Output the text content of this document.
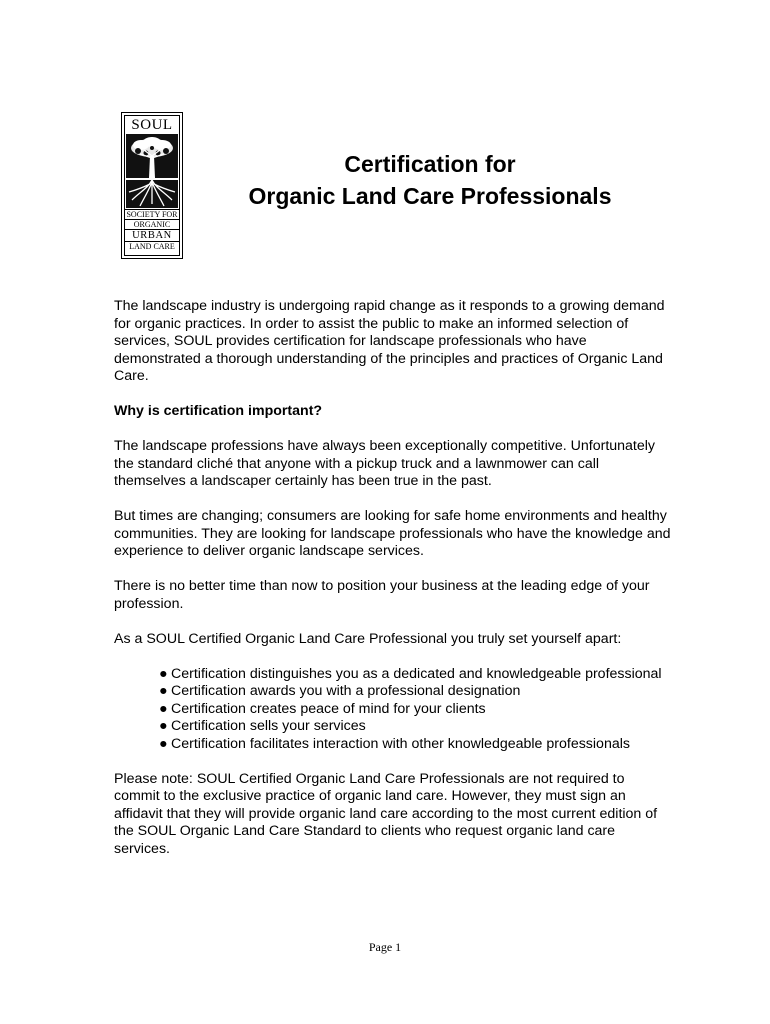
SOUL
SOCIETY FOR
ORGANIC
URBAN
LAND CARE
Certification for
Organic Land Care Professionals

The landscape industry is undergoing rapid change as it responds to a growing demand for organic practices. In order to assist the public to make an informed selection of services, SOUL provides certification for landscape professionals who have demonstrated a thorough understanding of the principles and practices of Organic Land Care.

Why is certification important?

The landscape professions have always been exceptionally competitive. Unfortunately the standard cliché that anyone with a pickup truck and a lawnmower can call themselves a landscaper certainly has been true in the past.

But times are changing; consumers are looking for safe home environments and healthy communities. They are looking for landscape professionals who have the knowledge and experience to deliver organic landscape services.

There is no better time than now to position your business at the leading edge of your profession.

As a SOUL Certified Organic Land Care Professional you truly set yourself apart:

● Certification distinguishes you as a dedicated and knowledgeable professional
● Certification awards you with a professional designation
● Certification creates peace of mind for your clients
● Certification sells your services
● Certification facilitates interaction with other knowledgeable professionals

Please note: SOUL Certified Organic Land Care Professionals are not required to commit to the exclusive practice of organic land care. However, they must sign an affidavit that they will provide organic land care according to the most current edition of the SOUL Organic Land Care Standard to clients who request organic land care services.

Page 1
